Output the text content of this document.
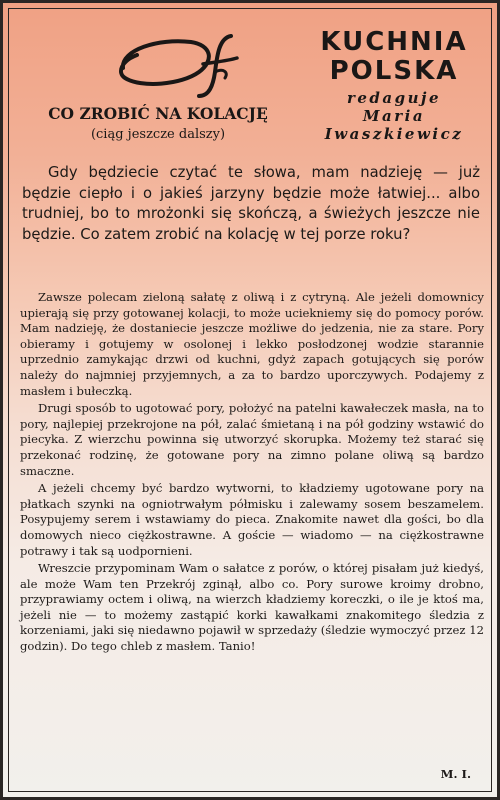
KUCHNIA
POLSKA
redaguje
Maria
Iwaszkiewicz
CO ZROBIĆ NA KOLACJĘ
(ciąg jeszcze dalszy)
Gdy będziecie czytać te słowa, mam nadzieję — już będzie ciepło i o jakieś jarzyny będzie może łatwiej... albo trudniej, bo to mrożonki się skończą, a świeżych jeszcze nie będzie. Co zatem zrobić na kolację w tej porze roku?

Zawsze polecam zieloną sałatę z oliwą i z cytryną. Ale jeżeli domownicy upierają się przy gotowanej kolacji, to może uciekniemy się do pomocy porów. Mam nadzieję, że dostaniecie jeszcze możliwe do jedzenia, nie za stare. Pory obieramy i gotujemy w osolonej i lekko posłodzonej wodzie starannie uprzednio zamykając drzwi od kuchni, gdyż zapach gotujących się porów należy do najmniej przyjemnych, a za to bardzo uporczywych. Podajemy z masłem i bułeczką.

Drugi sposób to ugotować pory, położyć na patelni kawałeczek masła, na to pory, najlepiej przekrojone na pół, zalać śmietaną i na pół godziny wstawić do piecyka. Z wierzchu powinna się utworzyć skorupka. Możemy też starać się przekonać rodzinę, że gotowane pory na zimno polane oliwą są bardzo smaczne.

A jeżeli chcemy być bardzo wytworni, to kładziemy ugotowane pory na płatkach szynki na ogniotrwałym półmisku i zalewamy sosem beszamelem. Posypujemy serem i wstawiamy do pieca. Znakomite nawet dla gości, bo dla domowych nieco ciężkostrawne. A goście — wiadomo — na ciężkostrawne potrawy i tak są uodpornieni.

Wreszcie przypominam Wam o sałatce z porów, o której pisałam już kiedyś, ale może Wam ten Przekrój zginął, albo co. Pory surowe kroimy drobno, przyprawiamy octem i oliwą, na wierzch kładziemy koreczki, o ile je ktoś ma, jeżeli nie — to możemy zastąpić korki kawałkami znakomitego śledzia z korzeniami, jaki się niedawno pojawił w sprzedaży (śledzie wymoczyć przez 12 godzin). Do tego chleb z masłem. Tanio!

M. I.
